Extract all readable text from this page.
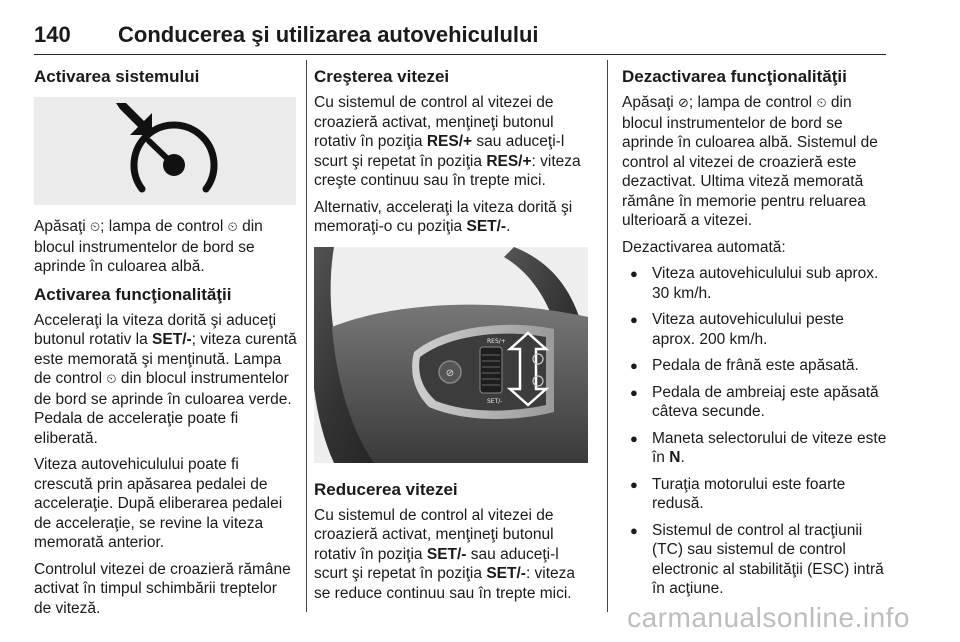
140 Conducerea şi utilizarea autovehiculului
Activarea sistemului

Apăsaţi ⏲; lampa de control ⏲ din blocul instrumentelor de bord se aprinde în culoarea albă.

Activarea funcţionalităţii

Acceleraţi la viteza dorită şi aduceţi butonul rotativ la SET/-; viteza curentă este memorată şi menţinută. Lampa de control ⏲ din blocul instrumentelor de bord se aprinde în culoarea verde. Pedala de acceleraţie poate fi eliberată.

Viteza autovehiculului poate fi crescută prin apăsarea pedalei de acceleraţie. După eliberarea pedalei de acceleraţie, se revine la viteza memorată anterior.

Controlul vitezei de croazieră rămâne activat în timpul schimbării treptelor de viteză.

Creşterea vitezei

Cu sistemul de control al vitezei de croazieră activat, menţineţi butonul rotativ în poziţia RES/+ sau aduceţi-l scurt şi repetat în poziţia RES/+: viteza creşte continuu sau în trepte mici.

Alternativ, acceleraţi la viteza dorită şi memoraţi-o cu poziţia SET/-.

⊘
RES/+
SET/-
Reducerea vitezei

Cu sistemul de control al vitezei de croazieră activat, menţineţi butonul rotativ în poziţia SET/- sau aduceţi-l scurt şi repetat în poziţia SET/-: viteza se reduce continuu sau în trepte mici.

Dezactivarea funcţionalităţii

Apăsaţi ⊘; lampa de control ⏲ din blocul instrumentelor de bord se aprinde în culoarea albă. Sistemul de control al vitezei de croazieră este dezactivat. Ultima viteză memorată rămâne în memorie pentru reluarea ulterioară a vitezei.

Dezactivarea automată:

● Viteza autovehiculului sub aprox. 30 km/h.
● Viteza autovehiculului peste aprox. 200 km/h.
● Pedala de frână este apăsată.
● Pedala de ambreiaj este apăsată câteva secunde.
● Maneta selectorului de viteze este în N.
● Turaţia motorului este foarte redusă.
● Sistemul de control al tracţiunii (TC) sau sistemul de control electronic al stabilităţii (ESC) intră în acţiune.
carmanualsonline.info
